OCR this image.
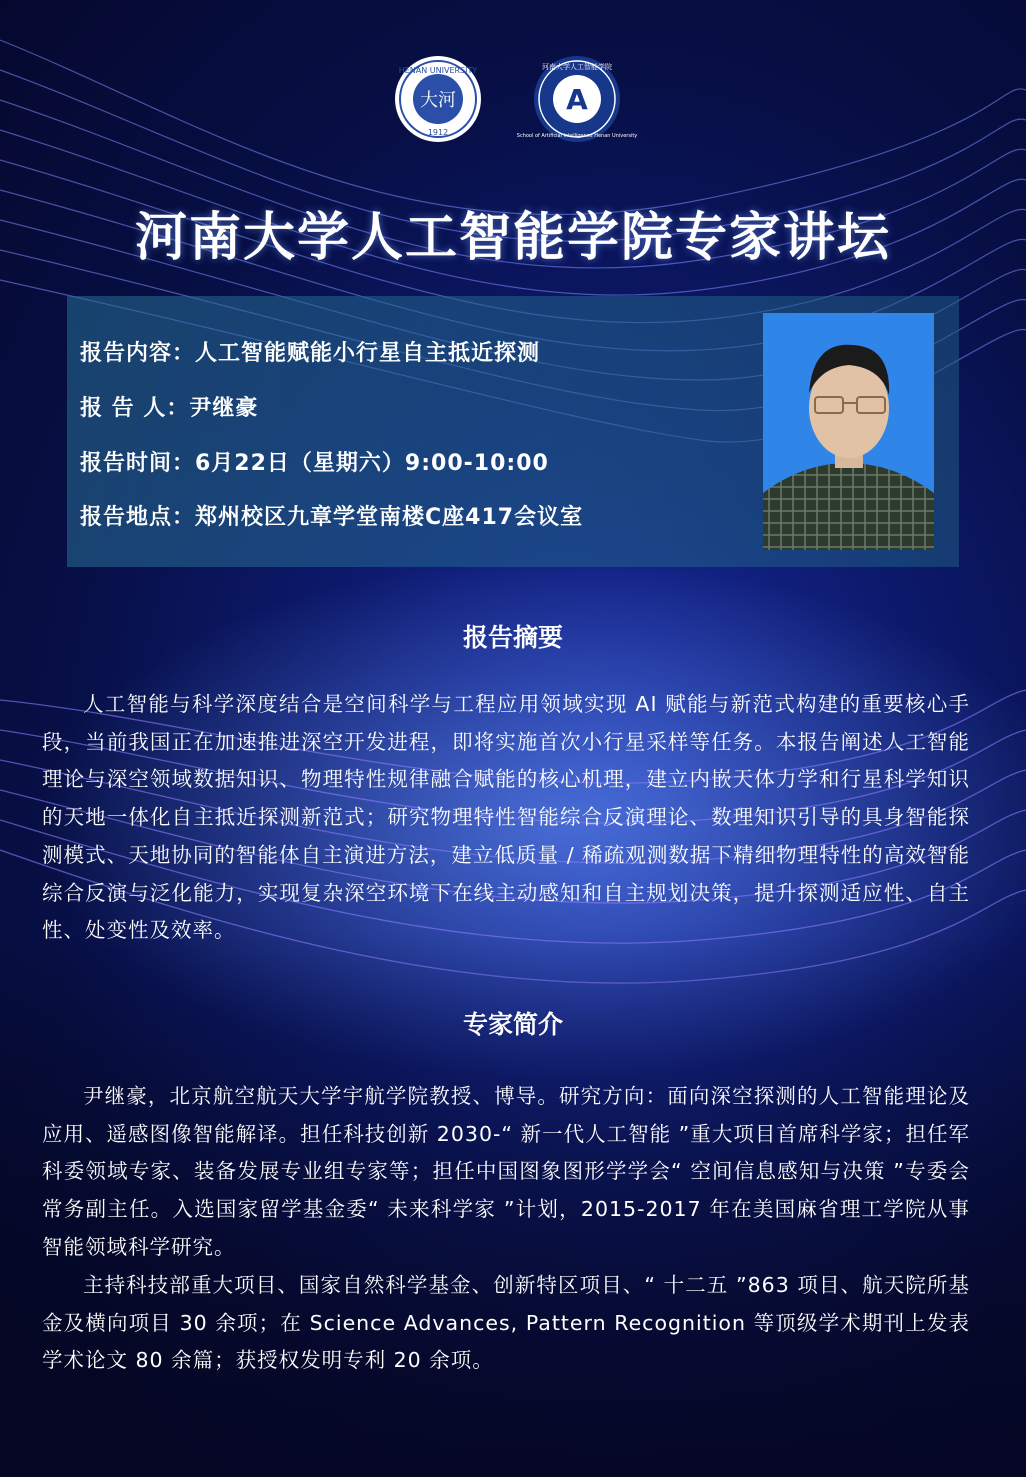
大河
HENAN UNIVERSITY
1912
A
河南大学人工智能学院
School of Artificial Intelligence Henan University
河南大学人工智能学院专家讲坛
报告内容：人工智能赋能小行星自主抵近探测
报 告 人：尹继豪
报告时间：6月22日（星期六）9:00-10:00
报告地点：郑州校区九章学堂南楼C座417会议室
报告摘要
人工智能与科学深度结合是空间科学与工程应用领域实现 AI 赋能与新范式构建的重要核心手段，当前我国正在加速推进深空开发进程，即将实施首次小行星采样等任务。本报告阐述人工智能理论与深空领域数据知识、物理特性规律融合赋能的核心机理，建立内嵌天体力学和行星科学知识的天地一体化自主抵近探测新范式；研究物理特性智能综合反演理论、数理知识引导的具身智能探测模式、天地协同的智能体自主演进方法，建立低质量 / 稀疏观测数据下精细物理特性的高效智能综合反演与泛化能力，实现复杂深空环境下在线主动感知和自主规划决策，提升探测适应性、自主性、处变性及效率。
专家简介
尹继豪，北京航空航天大学宇航学院教授、博导。研究方向：面向深空探测的人工智能理论及应用、遥感图像智能解译。担任科技创新 2030-“ 新一代人工智能 ”重大项目首席科学家；担任军科委领域专家、装备发展专业组专家等；担任中国图象图形学学会“ 空间信息感知与决策 ”专委会常务副主任。入选国家留学基金委“ 未来科学家 ”计划，2015-2017 年在美国麻省理工学院从事智能领域科学研究。
主持科技部重大项目、国家自然科学基金、创新特区项目、“ 十二五 ”863 项目、航天院所基金及横向项目 30 余项；在 Science Advances, Pattern Recognition 等顶级学术期刊上发表学术论文 80 余篇；获授权发明专利 20 余项。
